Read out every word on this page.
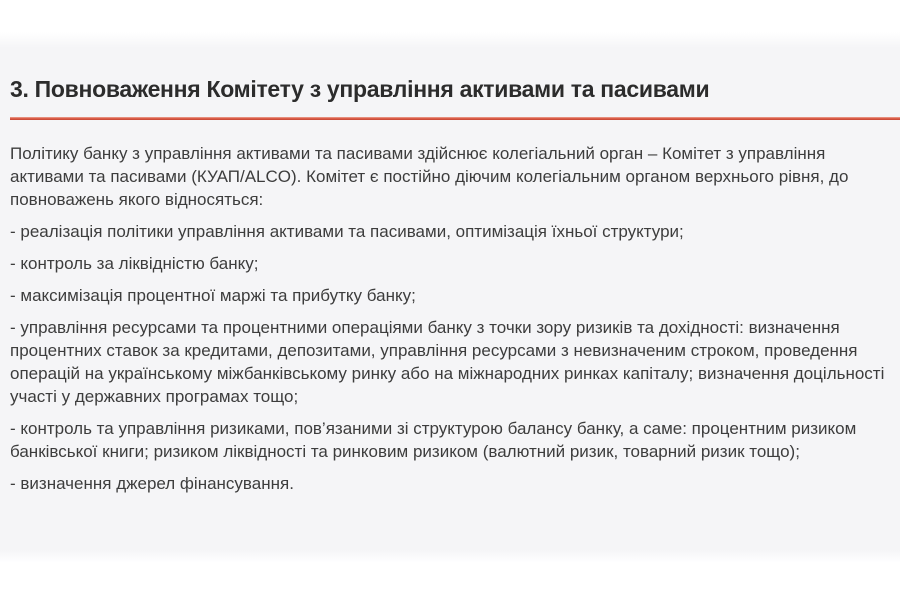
3. Повноваження Комітету з управління активами та пасивами

Політику банку з управління активами та пасивами здійснює колегіальний орган – Комітет з управління активами та пасивами (КУАП/ALCO). Комітет є постійно діючим колегіальним органом верхнього рівня, до повноважень якого відносяться:

- реалізація політики управління активами та пасивами, оптимізація їхньої структури;

- контроль за ліквідністю банку;

- максимізація процентної маржі та прибутку банку;

- управління ресурсами та процентними операціями банку з точки зору ризиків та дохідності: визначення процентних ставок за кредитами, депозитами, управління ресурсами з невизначеним строком, проведення операцій на українському міжбанківському ринку або на міжнародних ринках капіталу; визначення доцільності участі у державних програмах тощо;

- контроль та управління ризиками, пов’язаними зі структурою балансу банку, а саме: процентним ризиком банківської книги; ризиком ліквідності та ринковим ризиком (валютний ризик, товарний ризик тощо);

- визначення джерел фінансування.
